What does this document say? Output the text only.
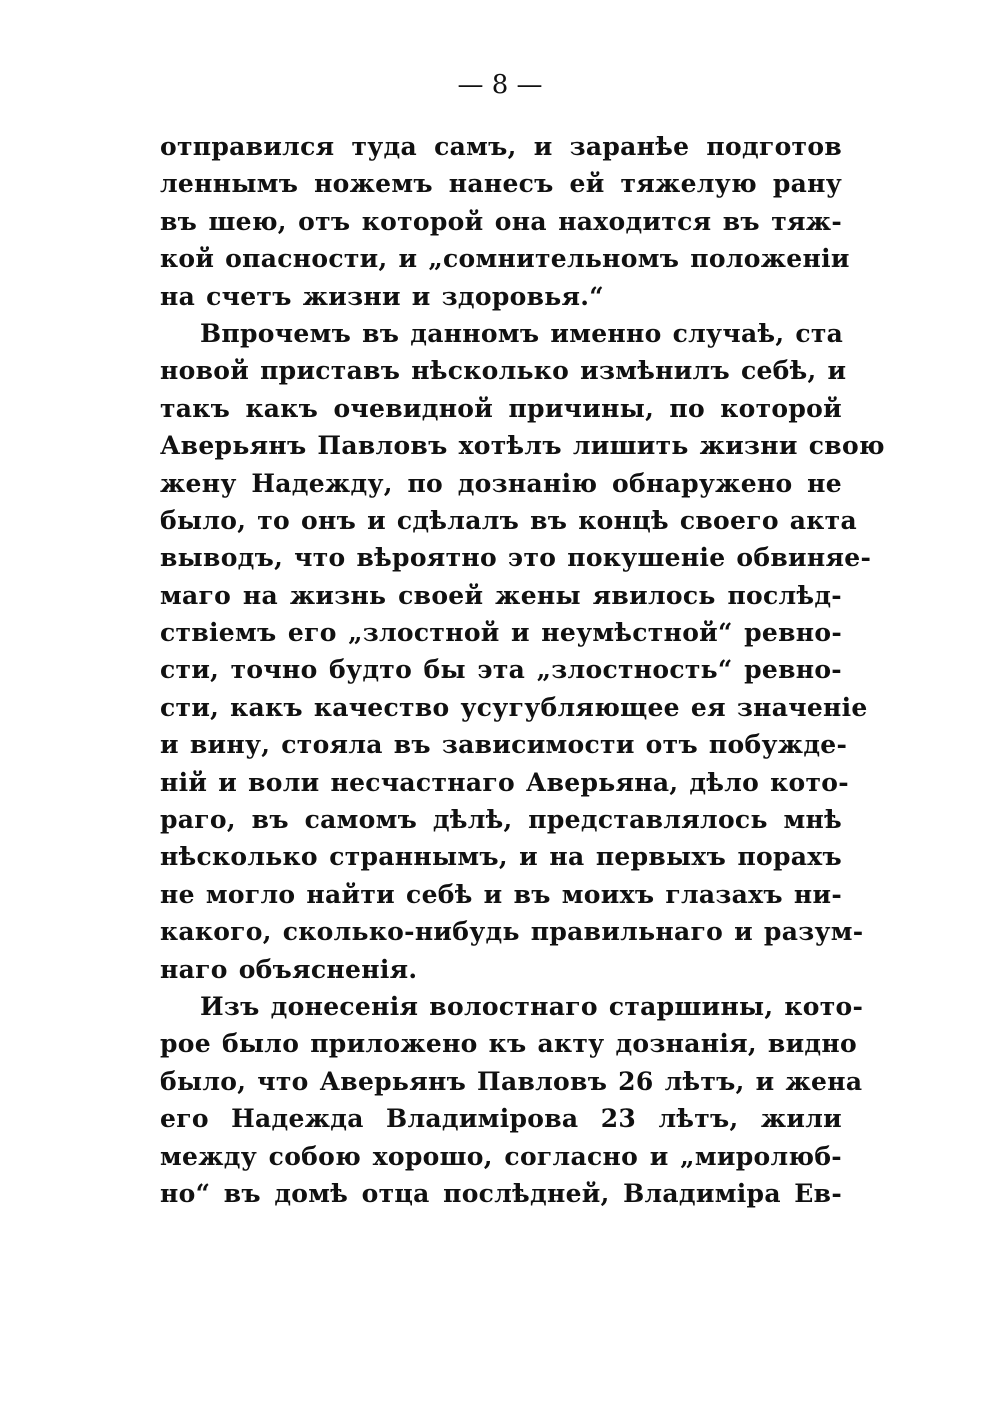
— 8 —
отправился туда самъ, и заранѣе подготов
леннымъ ножемъ нанесъ ей тяжелую рану
въ шею, отъ которой она находится въ тяж-
кой опасности, и „сомнительномъ положеніи
на счетъ жизни и здоровья.“
Впрочемъ въ данномъ именно случаѣ, ста
новой приставъ нѣсколько измѣнилъ себѣ, и
такъ какъ очевидной причины, по которой
Аверьянъ Павловъ хотѣлъ лишить жизни свою
жену Надежду, по дознанію обнаружено не
было, то онъ и сдѣлалъ въ концѣ своего акта
выводъ, что вѣроятно это покушеніе обвиняе-
маго на жизнь своей жены явилось послѣд-
ствіемъ его „злостной и неумѣстной“ ревно-
сти, точно будто бы эта „злостность“ ревно-
сти, какъ качество усугубляющее ея значеніе
и вину, стояла въ зависимости отъ побужде-
ній и воли несчастнаго Аверьяна, дѣло кото-
раго, въ самомъ дѣлѣ, представлялось мнѣ
нѣсколько страннымъ, и на первыхъ порахъ
не могло найти себѣ и въ моихъ глазахъ ни-
какого, сколько-нибудь правильнаго и разум-
наго объясненія.
Изъ донесенія волостнаго старшины, кото-
рое было приложено къ акту дознанія, видно
было, что Аверьянъ Павловъ 26 лѣтъ, и жена
его Надежда Владимірова 23 лѣтъ, жили
между собою хорошо, согласно и „миролюб-
но“ въ домѣ отца послѣдней, Владиміра Ев-
